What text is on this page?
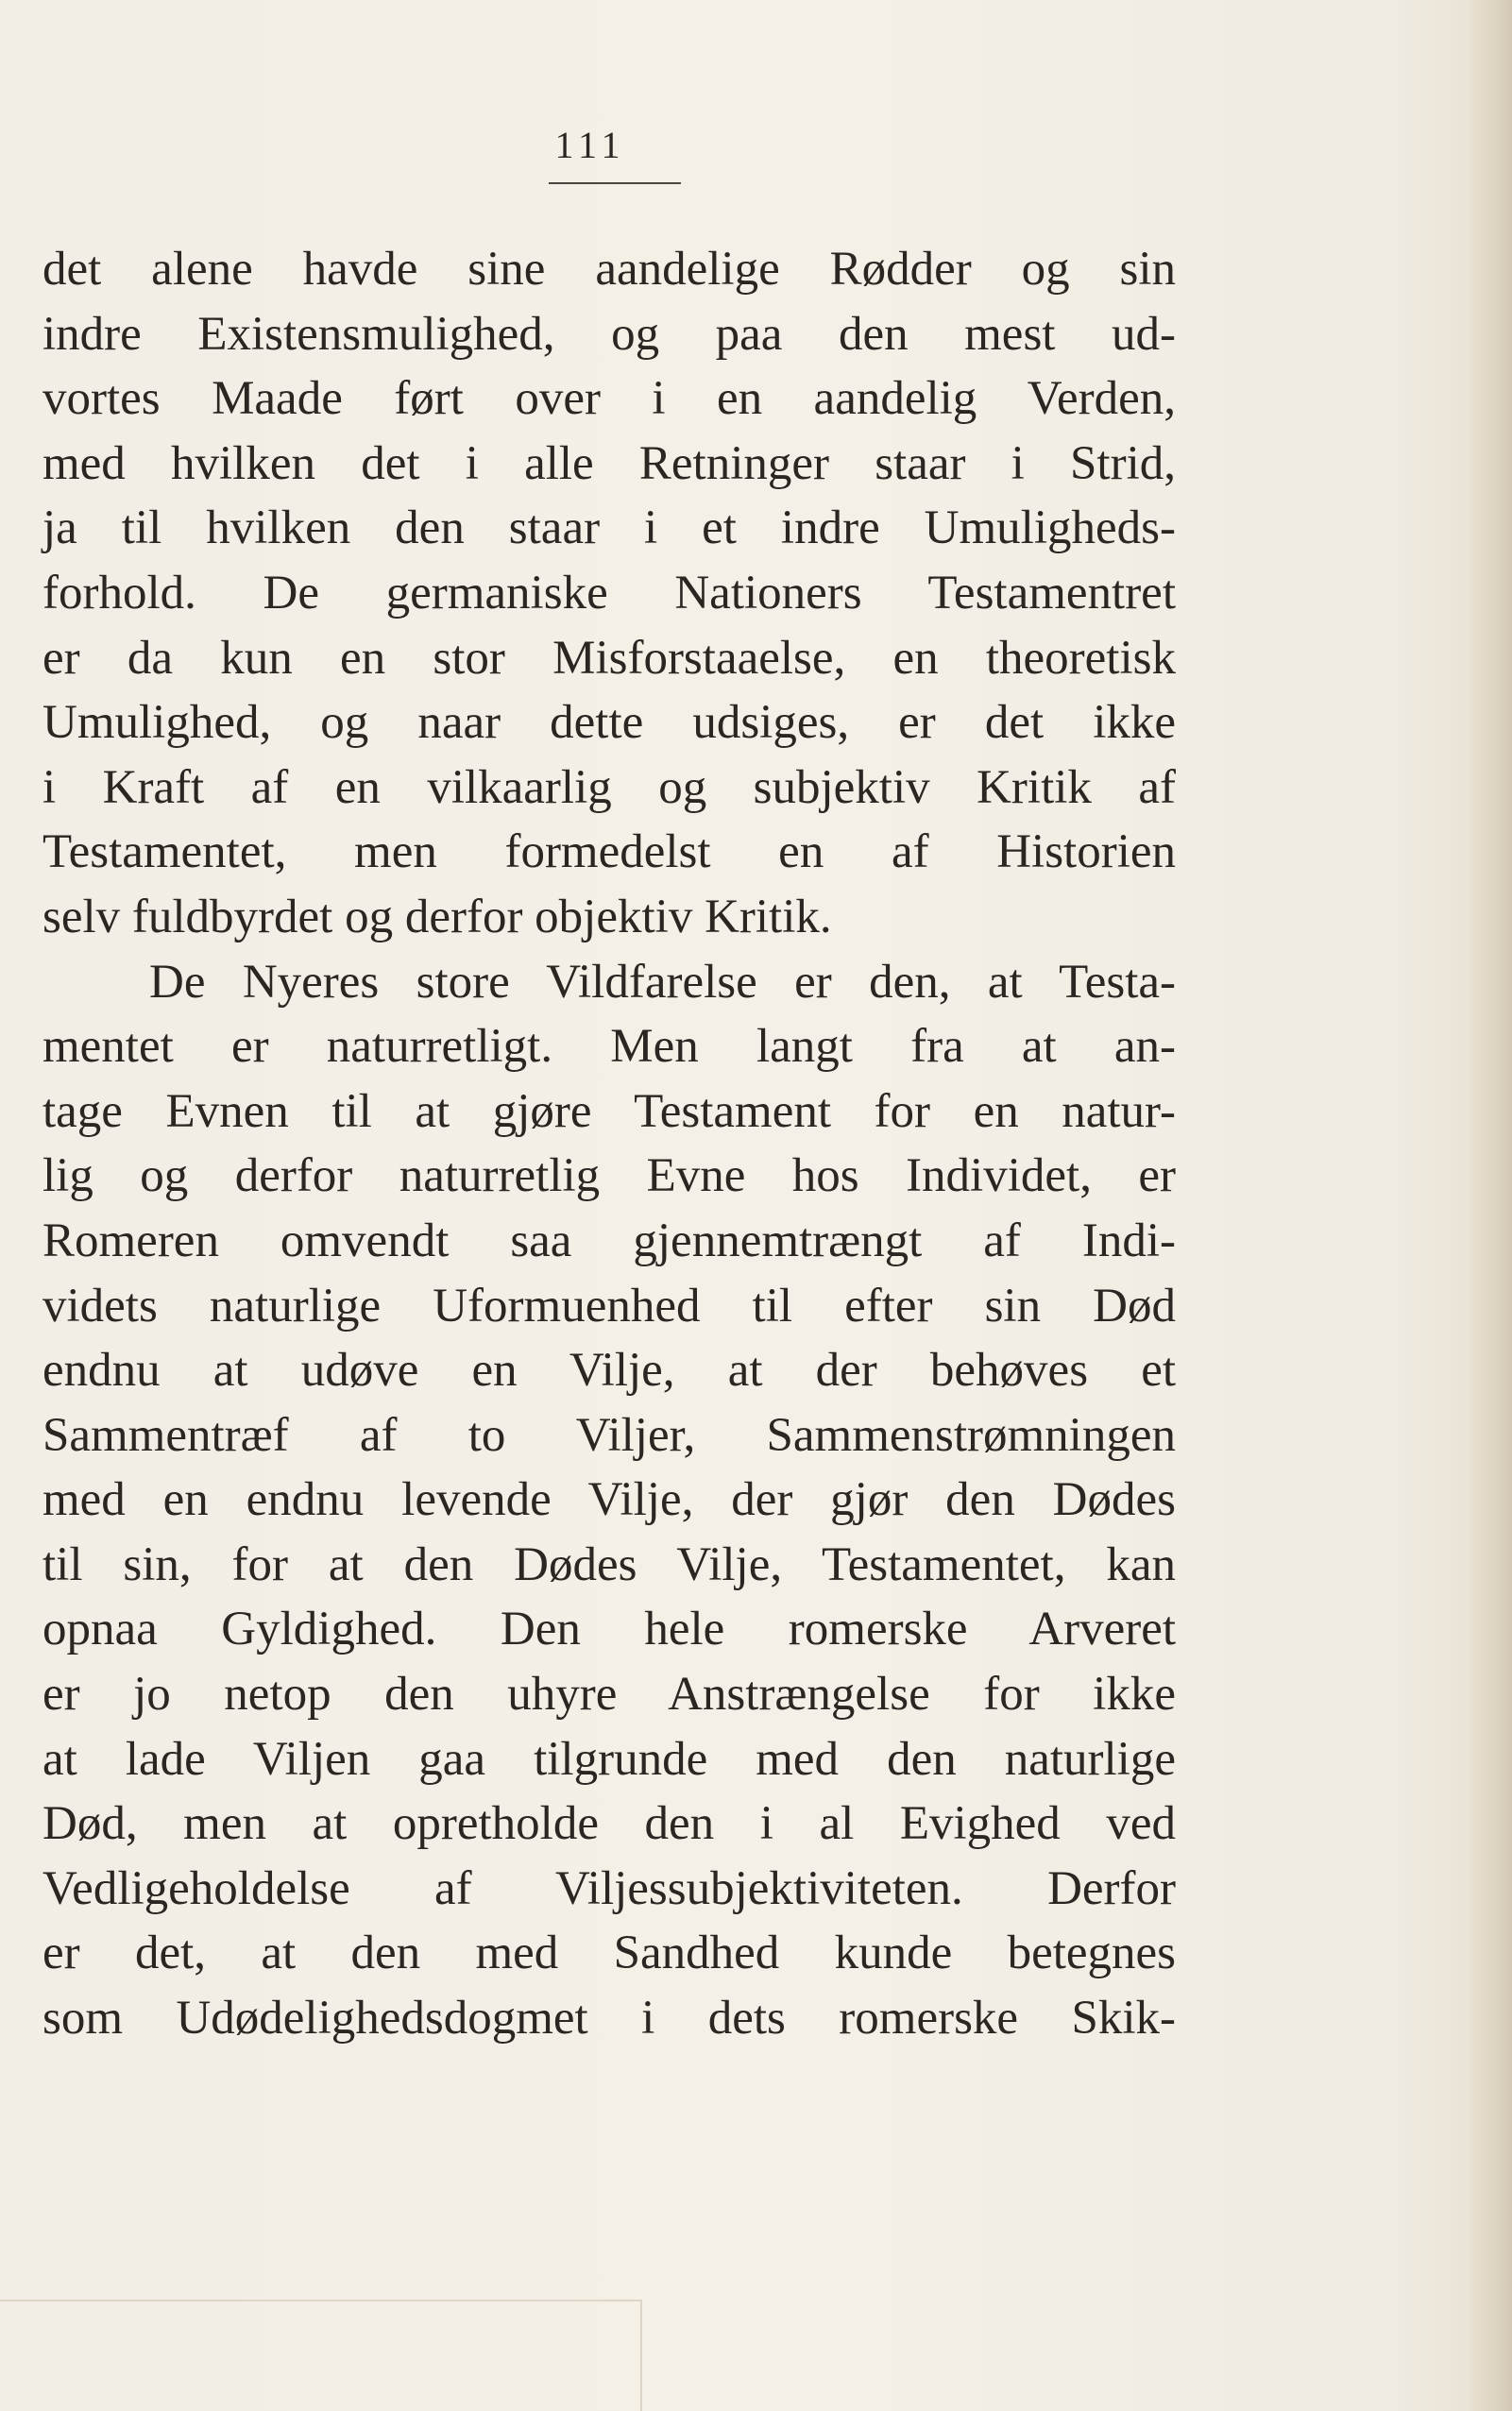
111
det alene havde sine aandelige Rødder og sin
indre Existensmulighed, og paa den mest ud-
vortes Maade ført over i en aandelig Verden,
med hvilken det i alle Retninger staar i Strid,
ja til hvilken den staar i et indre Umuligheds-
forhold. De germaniske Nationers Testamentret
er da kun en stor Misforstaaelse, en theoretisk
Umulighed, og naar dette udsiges, er det ikke
i Kraft af en vilkaarlig og subjektiv Kritik af
Testamentet, men formedelst en af Historien
selv fuldbyrdet og derfor objektiv Kritik.
De Nyeres store Vildfarelse er den, at Testa-
mentet er naturretligt. Men langt fra at an-
tage Evnen til at gjøre Testament for en natur-
lig og derfor naturretlig Evne hos Individet, er
Romeren omvendt saa gjennemtrængt af Indi-
videts naturlige Uformuenhed til efter sin Død
endnu at udøve en Vilje, at der behøves et
Sammentræf af to Viljer, Sammenstrømningen
med en endnu levende Vilje, der gjør den Dødes
til sin, for at den Dødes Vilje, Testamentet, kan
opnaa Gyldighed. Den hele romerske Arveret
er jo netop den uhyre Anstrængelse for ikke
at lade Viljen gaa tilgrunde med den naturlige
Død, men at opretholde den i al Evighed ved
Vedligeholdelse af Viljessubjektiviteten. Derfor
er det, at den med Sandhed kunde betegnes
som Udødelighedsdogmet i dets romerske Skik-
